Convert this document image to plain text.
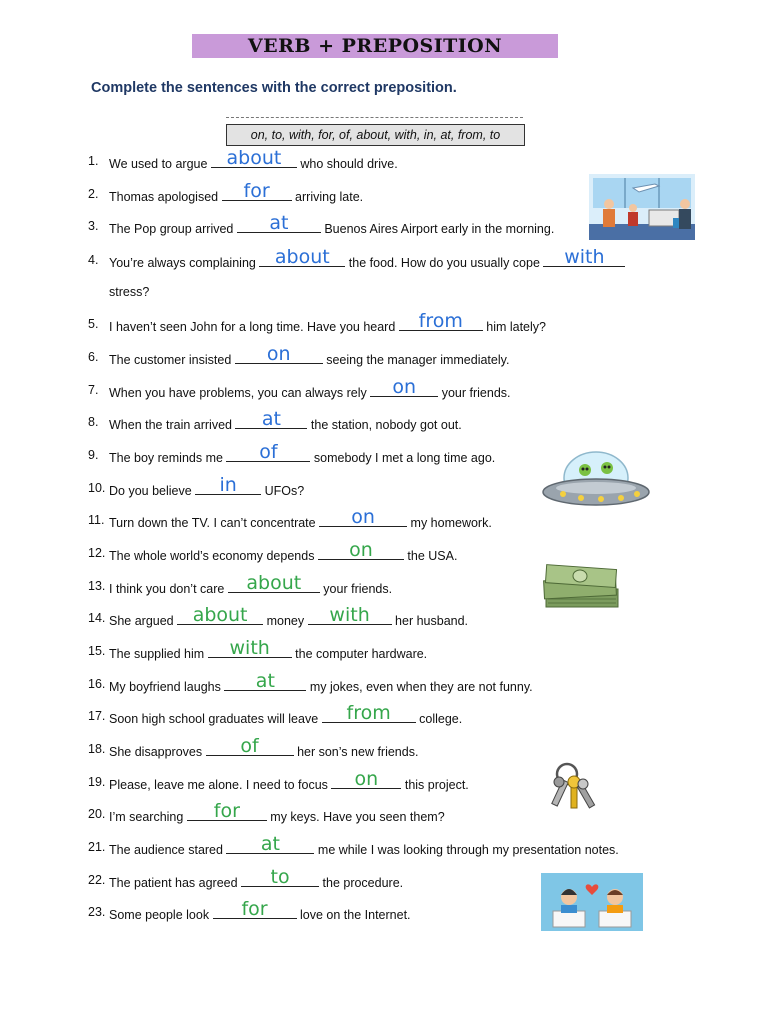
VERB + PREPOSITION
Complete the sentences with the correct preposition.
on, to, with, for, of, about, with, in, at, from, to
1. We used to argue about	who should drive.
2. Thomas apologised	for	arriving late.
3. The Pop group arrived	at	Buenos Aires Airport early in the morning.
4. You’re always complaining about	the food. How do you usually cope	with
stress?
5. I haven’t seen John for a long time. Have you heard	from	him lately?
6. The customer insisted	on	seeing the manager immediately.
7. When you have problems, you can always rely	on	your friends.
8. When the train arrived	at	the station, nobody got out.
9. The boy reminds me	of	somebody I met a long time ago.
10. Do you believe	in	UFOs?
11. Turn down the TV. I can’t concentrate	on	my homework.
12. The whole world’s economy depends	on	the USA.
13. I think you don’t care about	your friends.
14. She argued about	money	with	her husband.
15. The supplied him	with	the computer hardware.
16. My boyfriend laughs	at	my jokes, even when they are not funny.
17. Soon high school graduates will leave	from	college.
18. She disapproves	of	her son’s new friends.
19. Please, leave me alone. I need to focus	on	this project.
20. I’m searching	for	my keys. Have you seen them?
21. The audience stared	at	me while I was looking through my presentation notes.
22. The patient has agreed	to	the procedure.
23. Some people look	for	love on the Internet.
